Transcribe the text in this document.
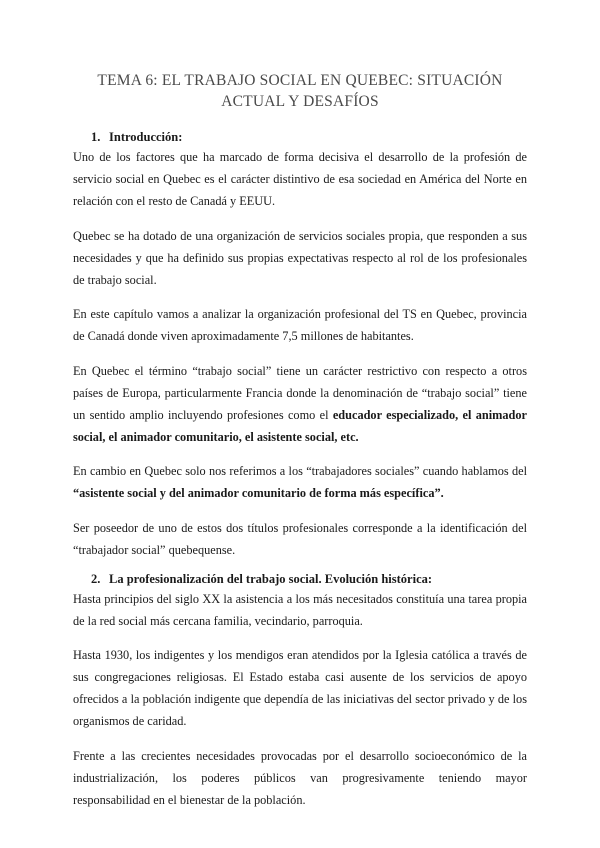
TEMA 6: EL TRABAJO SOCIAL EN QUEBEC: SITUACIÓN ACTUAL Y DESAFÍOS
1. Introducción:

Uno de los factores que ha marcado de forma decisiva el desarrollo de la profesión de servicio social en Quebec es el carácter distintivo de esa sociedad en América del Norte en relación con el resto de Canadá y EEUU.

Quebec se ha dotado de una organización de servicios sociales propia, que responden a sus necesidades y que ha definido sus propias expectativas respecto al rol de los profesionales de trabajo social.

En este capítulo vamos a analizar la organización profesional del TS en Quebec, provincia de Canadá donde viven aproximadamente 7,5 millones de habitantes.

En Quebec el término “trabajo social” tiene un carácter restrictivo con respecto a otros países de Europa, particularmente Francia donde la denominación de “trabajo social” tiene un sentido amplio incluyendo profesiones como el educador especializado, el animador social, el animador comunitario, el asistente social, etc.

En cambio en Quebec solo nos referimos a los “trabajadores sociales” cuando hablamos del “asistente social y del animador comunitario de forma más específica”.

Ser poseedor de uno de estos dos títulos profesionales corresponde a la identificación del “trabajador social” quebequense.

2. La profesionalización del trabajo social. Evolución histórica:

Hasta principios del siglo XX la asistencia a los más necesitados constituía una tarea propia de la red social más cercana familia, vecindario, parroquia.

Hasta 1930, los indigentes y los mendigos eran atendidos por la Iglesia católica a través de sus congregaciones religiosas. El Estado estaba casi ausente de los servicios de apoyo ofrecidos a la población indigente que dependía de las iniciativas del sector privado y de los organismos de caridad.

Frente a las crecientes necesidades provocadas por el desarrollo socioeconómico de la industrialización, los poderes públicos van progresivamente teniendo mayor responsabilidad en el bienestar de la población.
